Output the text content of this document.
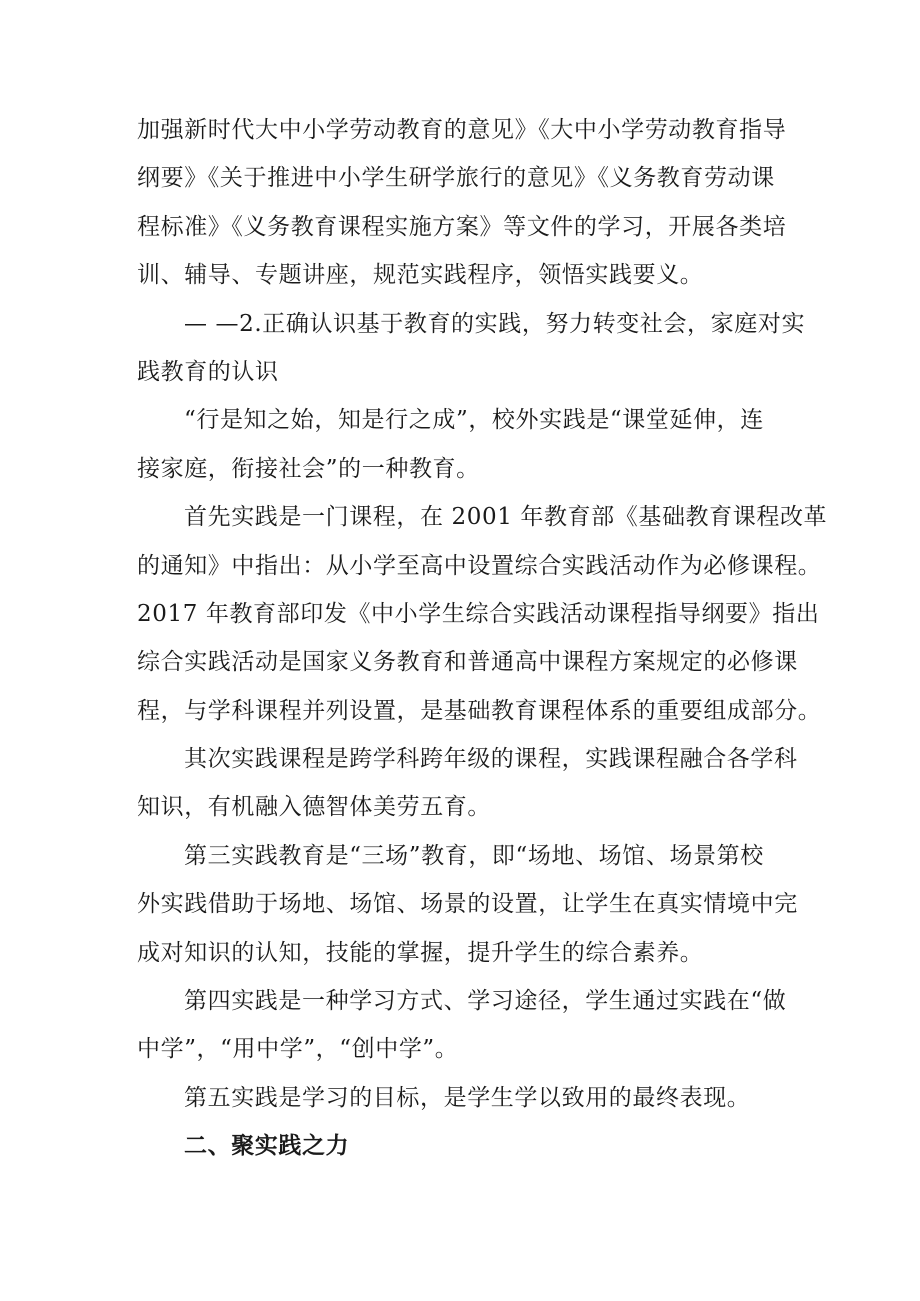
加强新时代大中小学劳动教育的意见》《大中小学劳动教育指导
纲要》《关于推进中小学生研学旅行的意见》《义务教育劳动课
程标准》《义务教育课程实施方案》等文件的学习，开展各类培
训、辅导、专题讲座，规范实践程序，领悟实践要义。
— —2.正确认识基于教育的实践，努力转变社会，家庭对实
践教育的认识
“行是知之始，知是行之成”，校外实践是“课堂延伸，连
接家庭，衔接社会”的一种教育。
首先实践是一门课程，在 2001 年教育部《基础教育课程改革
的通知》中指出：从小学至高中设置综合实践活动作为必修课程。
2017 年教育部印发《中小学生综合实践活动课程指导纲要》指出
综合实践活动是国家义务教育和普通高中课程方案规定的必修课
程，与学科课程并列设置，是基础教育课程体系的重要组成部分。
其次实践课程是跨学科跨年级的课程，实践课程融合各学科
知识，有机融入德智体美劳五育。
第三实践教育是“三场”教育，即“场地、场馆、场景第校
外实践借助于场地、场馆、场景的设置，让学生在真实情境中完
成对知识的认知，技能的掌握，提升学生的综合素养。
第四实践是一种学习方式、学习途径，学生通过实践在“做
中学”，“用中学”，“创中学”。
第五实践是学习的目标，是学生学以致用的最终表现。
二、聚实践之力
